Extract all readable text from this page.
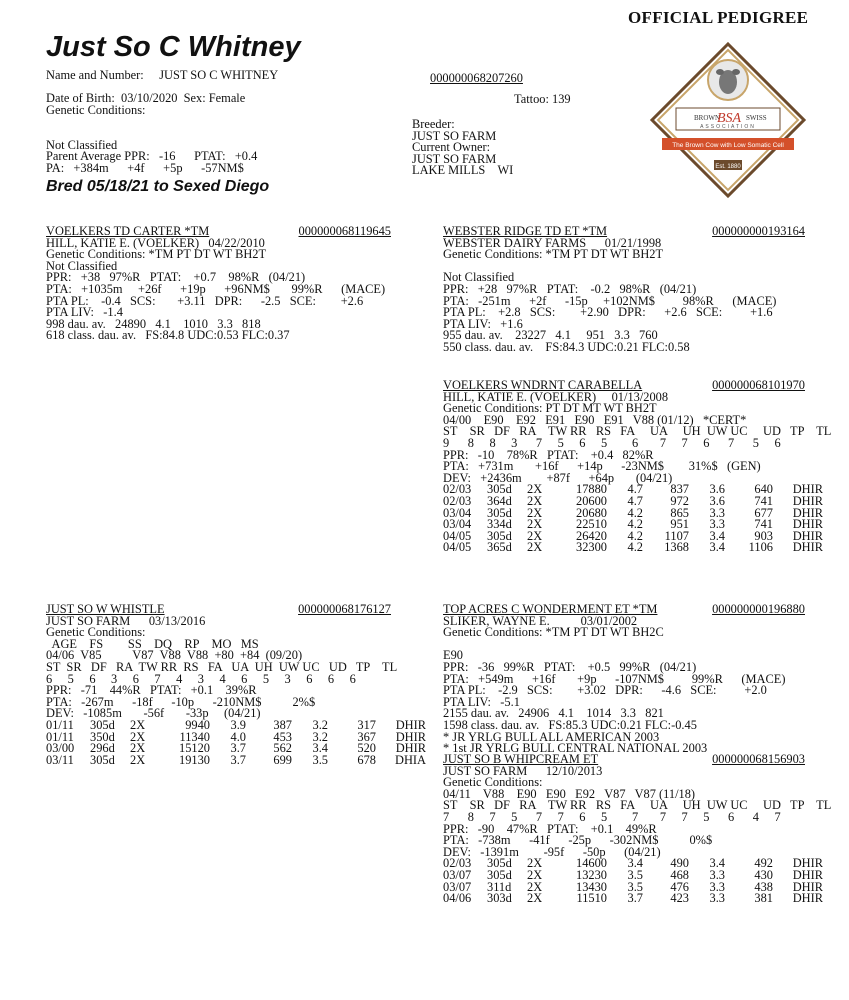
OFFICIAL PEDIGREE
Just So C Whitney
000000068207260
Tattoo: 139
Name and Number:     JUST SO C WHITNEY
Date of Birth:  03/10/2020  Sex: Female
Genetic Conditions:
Not Classified
Parent Average PPR:   -16      PTAT:   +0.4
PA:   +384m      +4f      +5p      -57NM$
Breeder:
JUST SO FARM
Current Owner:
JUST SO FARM
LAKE MILLS    WI
Bred 05/18/21 to Sexed Diego
BROWN
BSA SWISS
ASSOCIATION
The Brown Cow with Low Somatic Cell
Est. 1880
VOELKERS TD CARTER *TM	000000068119645
HILL, KATIE E. (VOELKER)   04/22/2010
Genetic Conditions: *TM PT DT WT BH2T
Not Classified
PPR:   +38   97%R   PTAT:    +0.7    98%R   (04/21)
PTA:   +1035m     +26f      +19p      +96NM$       99%R      (MACE)
PTA PL:    -0.4   SCS:       +3.11   DPR:      -2.5   SCE:        +2.6
PTA LIV:   -1.4
998 dau. av.   24890   4.1    1010   3.3   818
618 class. dau. av.   FS:84.8 UDC:0.53 FLC:0.37
WEBSTER RIDGE TD ET *TM	000000000193164
WEBSTER DAIRY FARMS      01/21/1998
Genetic Conditions: *TM PT DT WT BH2T
Not Classified
PPR:   +28   97%R   PTAT:    -0.2   98%R   (04/21)
PTA:   -251m      +2f      -15p     +102NM$         98%R      (MACE)
PTA PL:    +2.8   SCS:        +2.90   DPR:      +2.6   SCE:         +1.6
PTA LIV:   +1.6
955 dau. av.    23227   4.1     951   3.3   760
550 class. dau. av.    FS:84.3 UDC:0.21 FLC:0.58
VOELKERS WNDRNT CARABELLA	000000068101970
HILL, KATIE E. (VOELKER)     01/13/2008
Genetic Conditions: PT DT MT WT BH2T
04/00    E90    E92   E91   E90   E91   V88 (01/12)   *CERT*
ST    SR   DF   RA    TW RR   RS   FA     UA     UH  UW UC     UD   TP    TL
9      8     8     3      7     5     6     5        6       7     7     6      7      5     6
PPR:   -10    78%R   PTAT:    +0.4   82%R
PTA:   +731m       +16f      +14p      -23NM$        31%$   (GEN)
DEV:   +2436m        +87f      +64p       (04/21)
02/03	305d	2X	17880	4.7	837	3.6	640	DHIR
02/03	364d	2X	20600	4.7	972	3.6	741	DHIR
03/04	305d	2X	20680	4.2	865	3.3	677	DHIR
03/04	334d	2X	22510	4.2	951	3.3	741	DHIR
04/05	305d	2X	26420	4.2	1107	3.4	903	DHIR
04/05	365d	2X	32300	4.2	1368	3.4	1106	DHIR
JUST SO W WHISTLE	000000068176127
JUST SO FARM      03/13/2016
Genetic Conditions:
AGE    FS        SS    DQ    RP    MO   MS
04/06  V85          V87  V88  V88  +80  +84  (09/20)
ST  SR   DF   RA  TW RR  RS   FA   UA  UH  UW UC   UD   TP    TL
6     5     6     3     6     7     4     3     4     6     5     3     6     6     6
PPR:   -71    44%R   PTAT:   +0.1    39%R
PTA:   -267m      -18f      -10p      -210NM$          2%$
DEV:   -1085m       -56f       -33p     (04/21)
01/11	305d	2X	9940	3.9	387	3.2	317	DHIR
01/11	350d	2X	11340	4.0	453	3.2	367	DHIR
03/00	296d	2X	15120	3.7	562	3.4	520	DHIR
03/11	305d	2X	19130	3.7	699	3.5	678	DHIA
TOP ACRES C WONDERMENT ET *TM	000000000196880
SLIKER, WAYNE E.          03/01/2002
Genetic Conditions: *TM PT DT WT BH2C
E90
PPR:   -36   99%R   PTAT:    +0.5   99%R   (04/21)
PTA:   +549m      +16f       +9p      -107NM$         99%R      (MACE)
PTA PL:    -2.9   SCS:        +3.02   DPR:      -4.6   SCE:         +2.0
PTA LIV:   -5.1
2155 dau. av.   24906   4.1    1014   3.3   821
1598 class. dau. av.   FS:85.3 UDC:0.21 FLC:-0.45
* JR YRLG BULL ALL AMERICAN 2003
* 1st JR YRLG BULL CENTRAL NATIONAL 2003
JUST SO B WHIPCREAM ET	000000068156903
JUST SO FARM      12/10/2013
Genetic Conditions:
04/11    V88    E90   E90   E92   V87   V87 (11/18)
ST    SR   DF   RA    TW RR   RS   FA     UA     UH  UW UC     UD   TP    TL
7      8     7     5      7     7     6     5        7       7     7     5      6      4     7
PPR:   -90    47%R   PTAT:    +0.1    49%R
PTA:   -738m      -41f      -25p      -302NM$          0%$
DEV:   -1391m        -95f      -50p      (04/21)
02/03	305d	2X	14600	3.4	490	3.4	492	DHIR
03/07	305d	2X	13230	3.5	468	3.3	430	DHIR
03/07	311d	2X	13430	3.5	476	3.3	438	DHIR
04/06	303d	2X	11510	3.7	423	3.3	381	DHIR
